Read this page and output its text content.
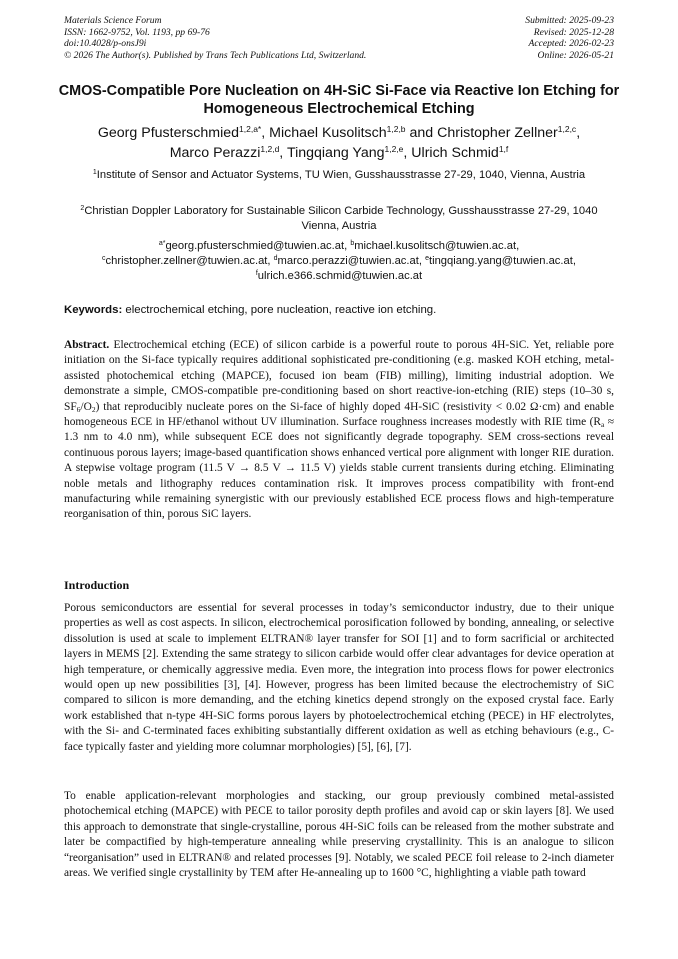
Materials Science Forum
ISSN: 1662-9752, Vol. 1193, pp 69-76
doi:10.4028/p-onsJ9i
© 2026 The Author(s). Published by Trans Tech Publications Ltd, Switzerland.
Submitted: 2025-09-23
Revised: 2025-12-28
Accepted: 2026-02-23
Online: 2026-05-21
CMOS-Compatible Pore Nucleation on 4H-SiC Si-Face via Reactive Ion Etching for Homogeneous Electrochemical Etching
Georg Pfusterschmied$^{1,2,a*}$, Michael Kusolitsch$^{1,2,b}$ and Christopher Zellner$^{1,2,c}$,
Marco Perazzi$^{1,2,d}$, Tingqiang Yang$^{1,2,e}$, Ulrich Schmid$^{1,f}$
$^1$Institute of Sensor and Actuator Systems, TU Wien, Gusshausstrasse 27-29, 1040, Vienna, Austria
$^2$Christian Doppler Laboratory for Sustainable Silicon Carbide Technology, Gusshausstrasse 27-29, 1040 Vienna, Austria
$^{a*}$georg.pfusterschmied@tuwien.ac.at, $^b$michael.kusolitsch@tuwien.ac.at,
$^c$christopher.zellner@tuwien.ac.at, $^d$marco.perazzi@tuwien.ac.at, $^e$tingqiang.yang@tuwien.ac.at,
$^f$ulrich.e366.schmid@tuwien.ac.at
Keywords: electrochemical etching, pore nucleation, reactive ion etching.
Abstract. Electrochemical etching (ECE) of silicon carbide is a powerful route to porous 4H-SiC. Yet, reliable pore initiation on the Si-face typically requires additional sophisticated pre-conditioning (e.g. masked KOH etching, metal-assisted photochemical etching (MAPCE), focused ion beam (FIB) milling), limiting industrial adoption. We demonstrate a simple, CMOS-compatible pre-conditioning based on short reactive-ion-etching (RIE) steps (10–30 s, $SF_6/O_2$) that reproducibly nucleate pores on the Si-face of highly doped 4H-SiC (resistivity < 0.02 Ω·cm) and enable homogeneous ECE in HF/ethanol without UV illumination. Surface roughness increases modestly with RIE time ($R_a \approx 1.3$ nm to 4.0 nm), while subsequent ECE does not significantly degrade topography. SEM cross-sections reveal continuous porous layers; image-based quantification shows enhanced vertical pore alignment with longer RIE duration. A stepwise voltage program (11.5 V → 8.5 V → 11.5 V) yields stable current transients during etching. Eliminating noble metals and lithography reduces contamination risk. It improves process compatibility with front-end manufacturing while remaining synergistic with our previously established ECE process flows and high-temperature reorganisation of thin, porous SiC layers.
Introduction
Porous semiconductors are essential for several processes in today’s semiconductor industry, due to their unique properties as well as cost aspects. In silicon, electrochemical porosification followed by bonding, annealing, or selective dissolution is used at scale to implement ELTRAN® layer transfer for SOI [1] and to form sacrificial or architected layers in MEMS [2]. Extending the same strategy to silicon carbide would offer clear advantages for device operation at high temperature, or chemically aggressive media. Even more, the integration into process flows for power electronics would open up new possibilities [3], [4]. However, progress has been limited because the electrochemistry of SiC compared to silicon is more demanding, and the etching kinetics depend strongly on the exposed crystal face. Early work established that n-type 4H-SiC forms porous layers by photoelectrochemical etching (PECE) in HF electrolytes, with the Si- and C-terminated faces exhibiting substantially different oxidation as well as etching behaviours (e.g., C-face typically faster and yielding more columnar morphologies) [5], [6], [7].
To enable application-relevant morphologies and stacking, our group previously combined metal-assisted photochemical etching (MAPCE) with PECE to tailor porosity depth profiles and avoid cap or skin layers [8]. We used this approach to demonstrate that single-crystalline, porous 4H-SiC foils can be released from the mother substrate and later be compactified by high-temperature annealing while preserving crystallinity. This is an analogue to silicon “reorganisation” used in ELTRAN® and related processes [9]. Notably, we scaled PECE foil release to 2-inch diameter areas. We verified single crystallinity by TEM after He-annealing up to 1600 °C, highlighting a viable path toward
